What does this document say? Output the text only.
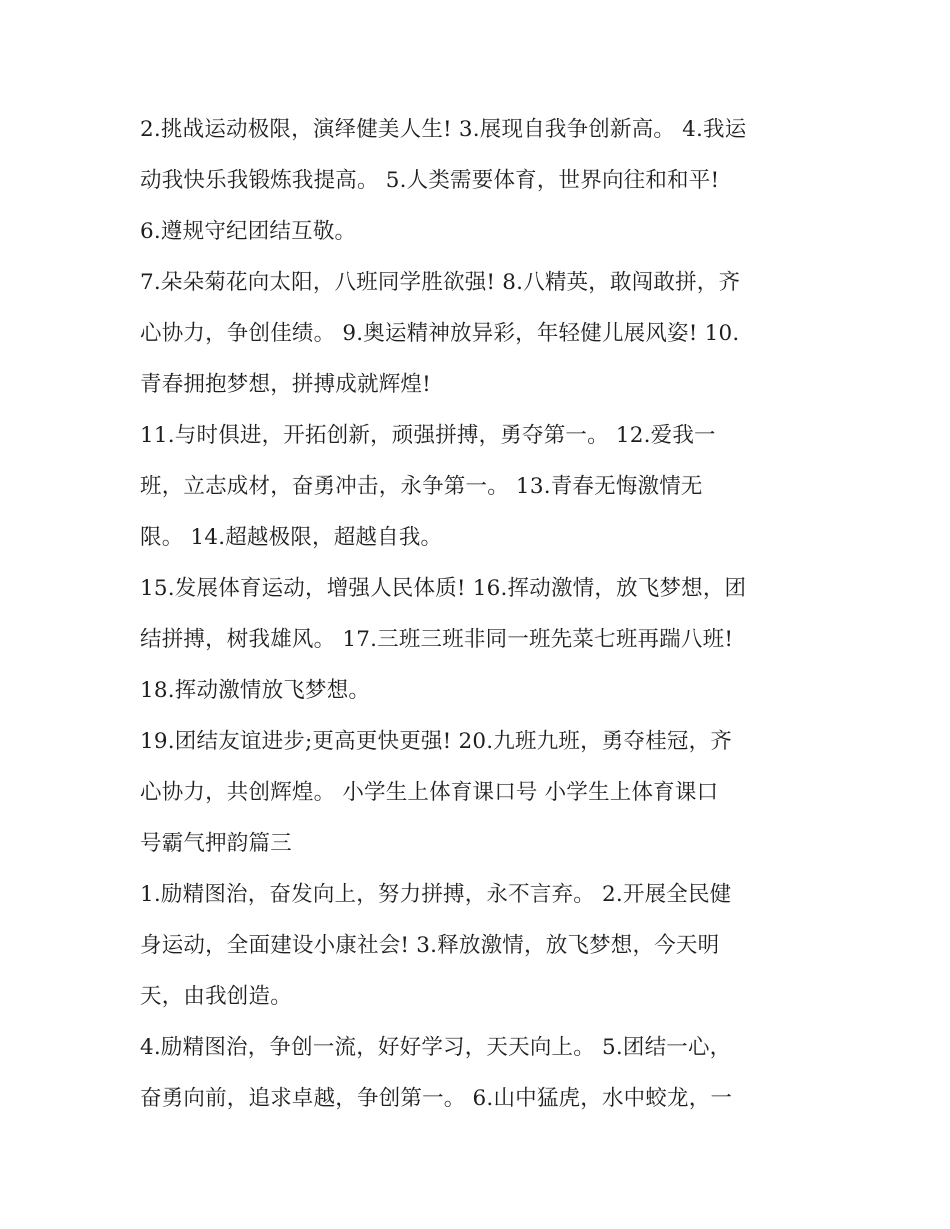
2.挑战运动极限，演绎健美人生! 3.展现自我争创新高。 4.我运
动我快乐我锻炼我提高。 5.人类需要体育，世界向往和和平!
6.遵规守纪团结互敬。
7.朵朵菊花向太阳，八班同学胜欲强! 8.八精英，敢闯敢拼，齐
心协力，争创佳绩。 9.奥运精神放异彩，年轻健儿展风姿! 10.
青春拥抱梦想，拼搏成就辉煌!
11.与时俱进，开拓创新，顽强拼搏，勇夺第一。 12.爱我一
班，立志成材，奋勇冲击，永争第一。 13.青春无悔激情无
限。 14.超越极限，超越自我。
15.发展体育运动，增强人民体质! 16.挥动激情，放飞梦想，团
结拼搏，树我雄风。 17.三班三班非同一班先菜七班再踹八班!
18.挥动激情放飞梦想。
19.团结友谊进步;更高更快更强! 20.九班九班，勇夺桂冠，齐
心协力，共创辉煌。 小学生上体育课口号 小学生上体育课口
号霸气押韵篇三
1.励精图治，奋发向上，努力拼搏，永不言弃。 2.开展全民健
身运动，全面建设小康社会! 3.释放激情，放飞梦想，今天明
天，由我创造。
4.励精图治，争创一流，好好学习，天天向上。 5.团结一心，
奋勇向前，追求卓越，争创第一。 6.山中猛虎，水中蛟龙，一
